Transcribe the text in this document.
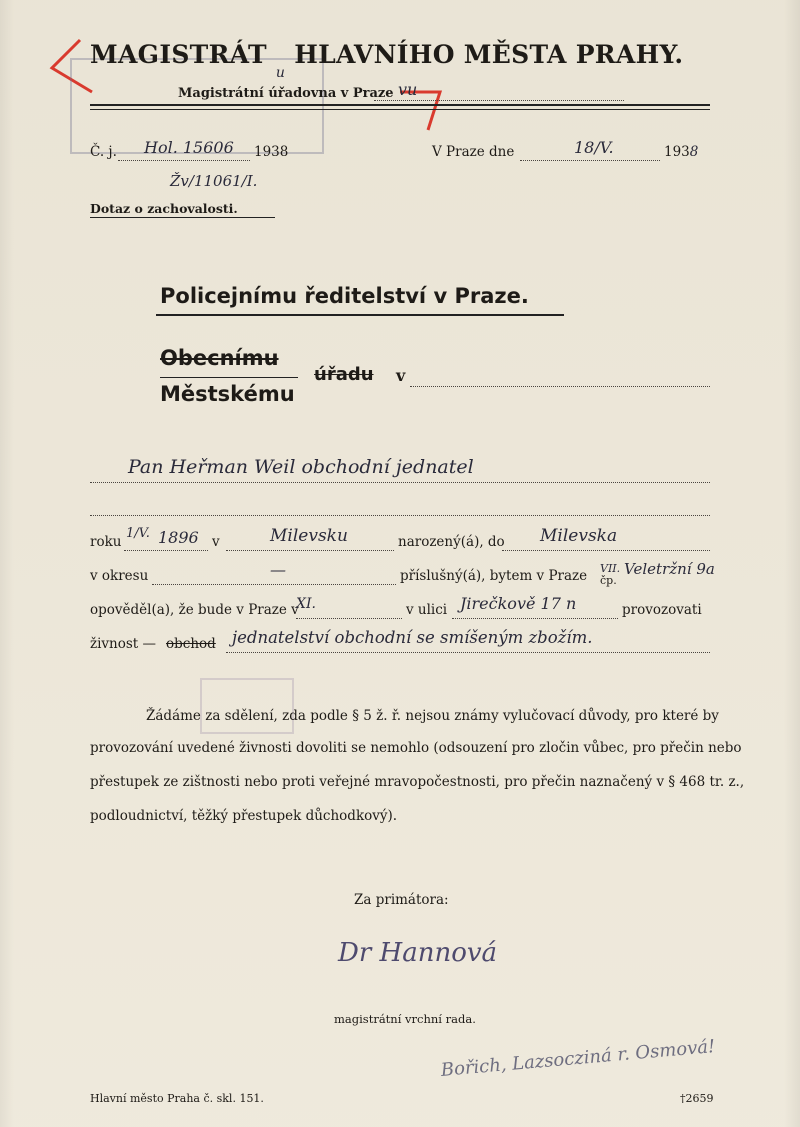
MAGISTRÁT $_u$ HLAVNÍHO MĚSTA PRAHY.
Magistrátní úřadovna v Praze vu
Č. j. Hol. 15606 1938
Žv/11061/I.
Dotaz o zachovalosti.
V Praze dne	18/V.	1938
Policejnímu ředitelství v Praze.
Obecnímu
Městskému
úřadu v
Pan Heřman Weil obchodní jednatel
roku
1/V. 1896 v	Milevsku	narozený(á), do Milevska
v okresu	—	příslušný(á), bytem v Praze VII.
čp.
Veletržní 9a
opověděl(a), že bude v Praze v
XI.	v ulici Jirečkově 17 n	provozovati
živnost — obchod jednatelství obchodní se smíšeným zbožím.
Žádáme za sdělení, zda podle § 5 ž. ř. nejsou známy vylučovací důvody, pro které by
provozování uvedené živnosti dovoliti se nemohlo (odsouzení pro zločin vůbec, pro přečin nebo
přestupek ze zištnosti nebo proti veřejné mravopočestnosti, pro přečin naznačený v § 468 tr. z.,
podloudnictví, těžký přestupek důchodkový).
Za primátora:
Dr Hannová
magistrátní vrchní rada.
Bořich, Lazsocziná r. Osmová!
Hlavní město Praha č. skl. 151.	†2659
